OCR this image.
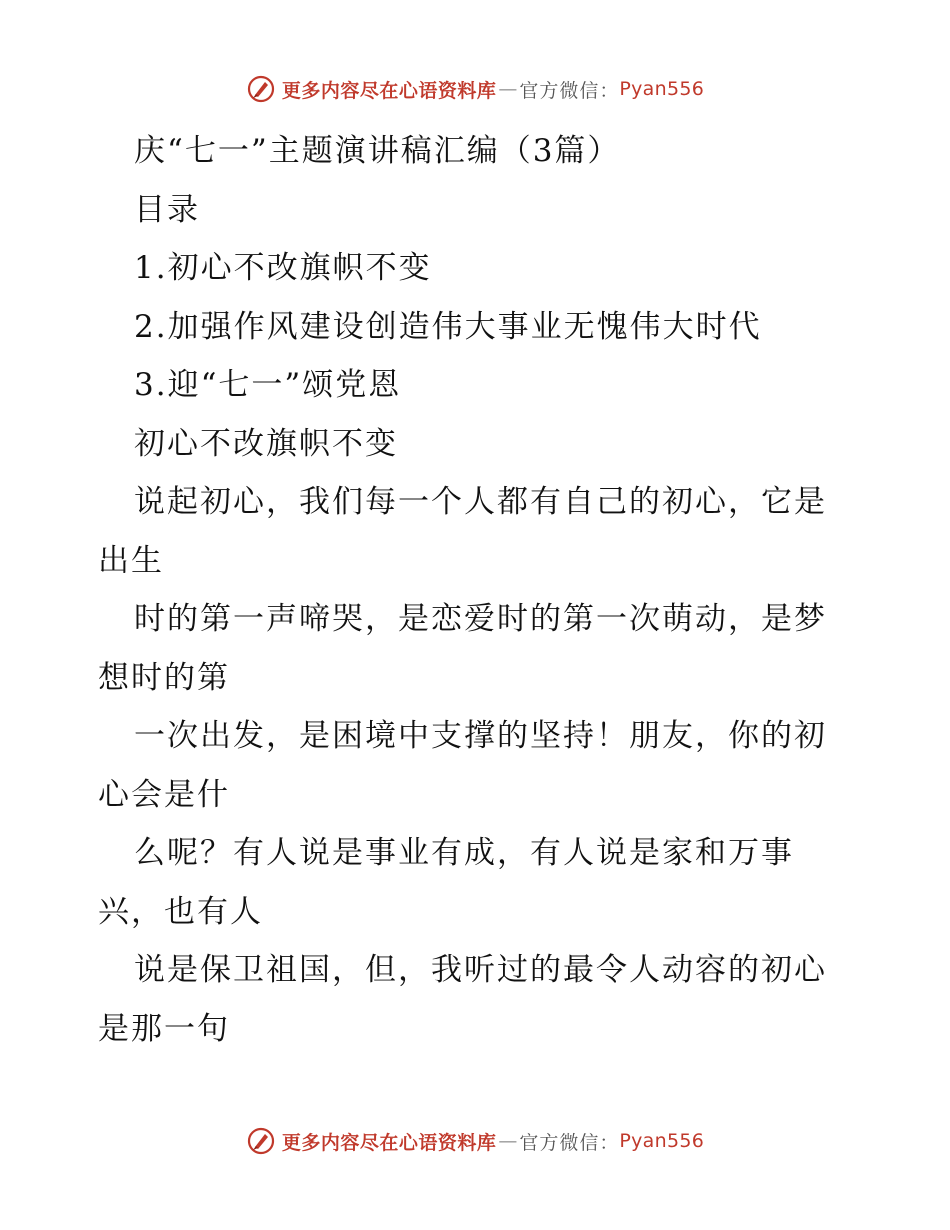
更多内容尽在心语资料库 — 官方微信： Pyan556
庆“七一”主题演讲稿汇编（3篇）
目录
1.初心不改旗帜不变
2.加强作风建设创造伟大事业无愧伟大时代
3.迎“七一”颂党恩
初心不改旗帜不变
说起初心，我们每一个人都有自己的初心，它是
出生
时的第一声啼哭，是恋爱时的第一次萌动，是梦
想时的第
一次出发，是困境中支撑的坚持！朋友，你的初
心会是什
么呢？有人说是事业有成，有人说是家和万事
兴，也有人
说是保卫祖国，但，我听过的最令人动容的初心
是那一句
更多内容尽在心语资料库 — 官方微信： Pyan556
